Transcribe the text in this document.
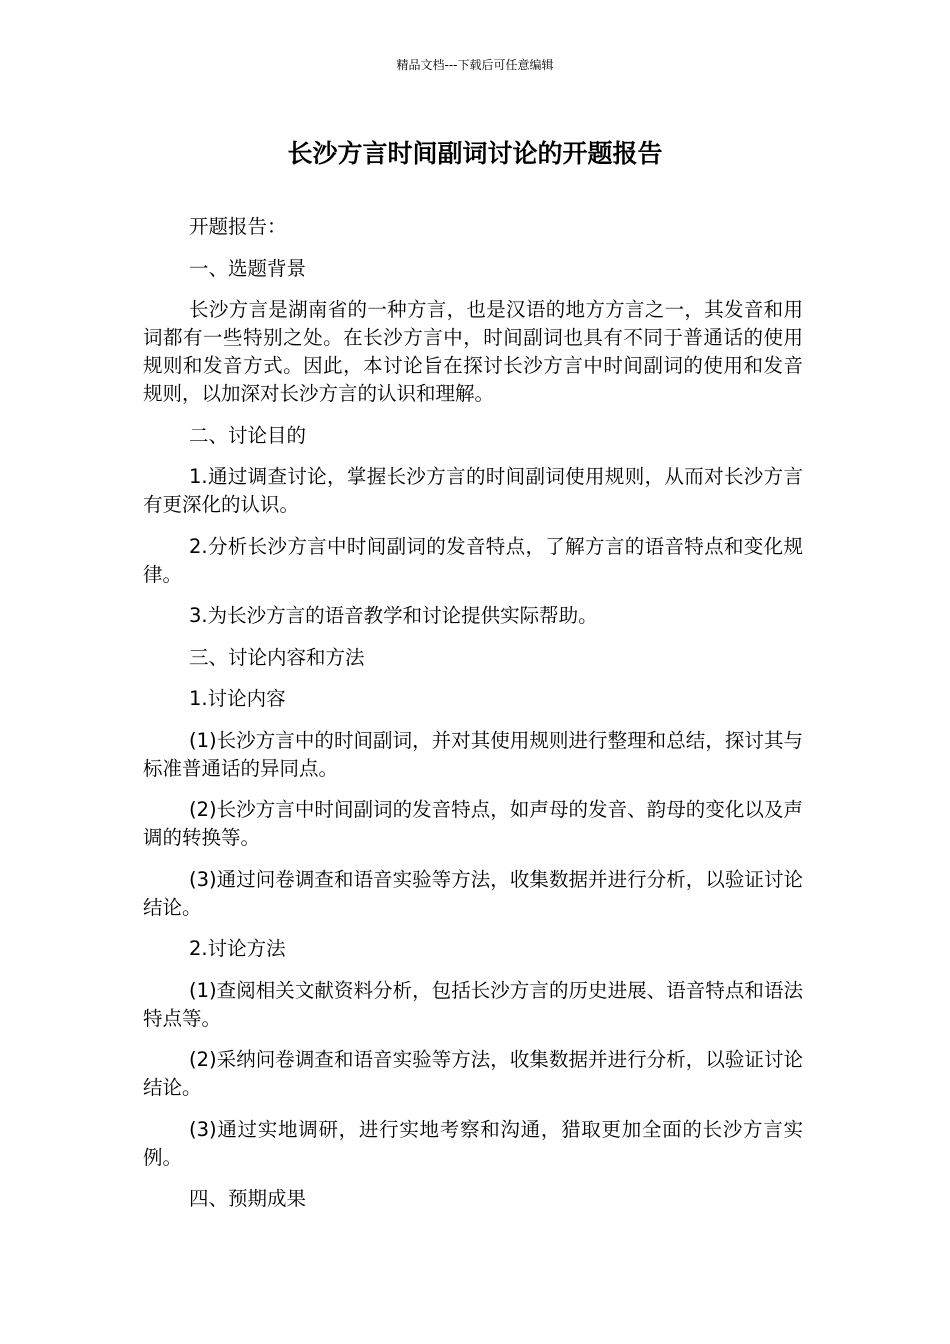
精品文档---下载后可任意编辑
长沙方言时间副词讨论的开题报告

开题报告：

一、选题背景

长沙方言是湖南省的一种方言，也是汉语的地方方言之一，其发音和用词都有一些特别之处。在长沙方言中，时间副词也具有不同于普通话的使用规则和发音方式。因此，本讨论旨在探讨长沙方言中时间副词的使用和发音规则，以加深对长沙方言的认识和理解。

二、讨论目的

1.通过调查讨论，掌握长沙方言的时间副词使用规则，从而对长沙方言有更深化的认识。

2.分析长沙方言中时间副词的发音特点，了解方言的语音特点和变化规律。

3.为长沙方言的语音教学和讨论提供实际帮助。

三、讨论内容和方法

1.讨论内容

(1)长沙方言中的时间副词，并对其使用规则进行整理和总结，探讨其与标准普通话的异同点。

(2)长沙方言中时间副词的发音特点，如声母的发音、韵母的变化以及声调的转换等。

(3)通过问卷调查和语音实验等方法，收集数据并进行分析，以验证讨论结论。

2.讨论方法

(1)查阅相关文献资料分析，包括长沙方言的历史进展、语音特点和语法特点等。

(2)采纳问卷调查和语音实验等方法，收集数据并进行分析，以验证讨论结论。

(3)通过实地调研，进行实地考察和沟通，猎取更加全面的长沙方言实例。

四、预期成果
